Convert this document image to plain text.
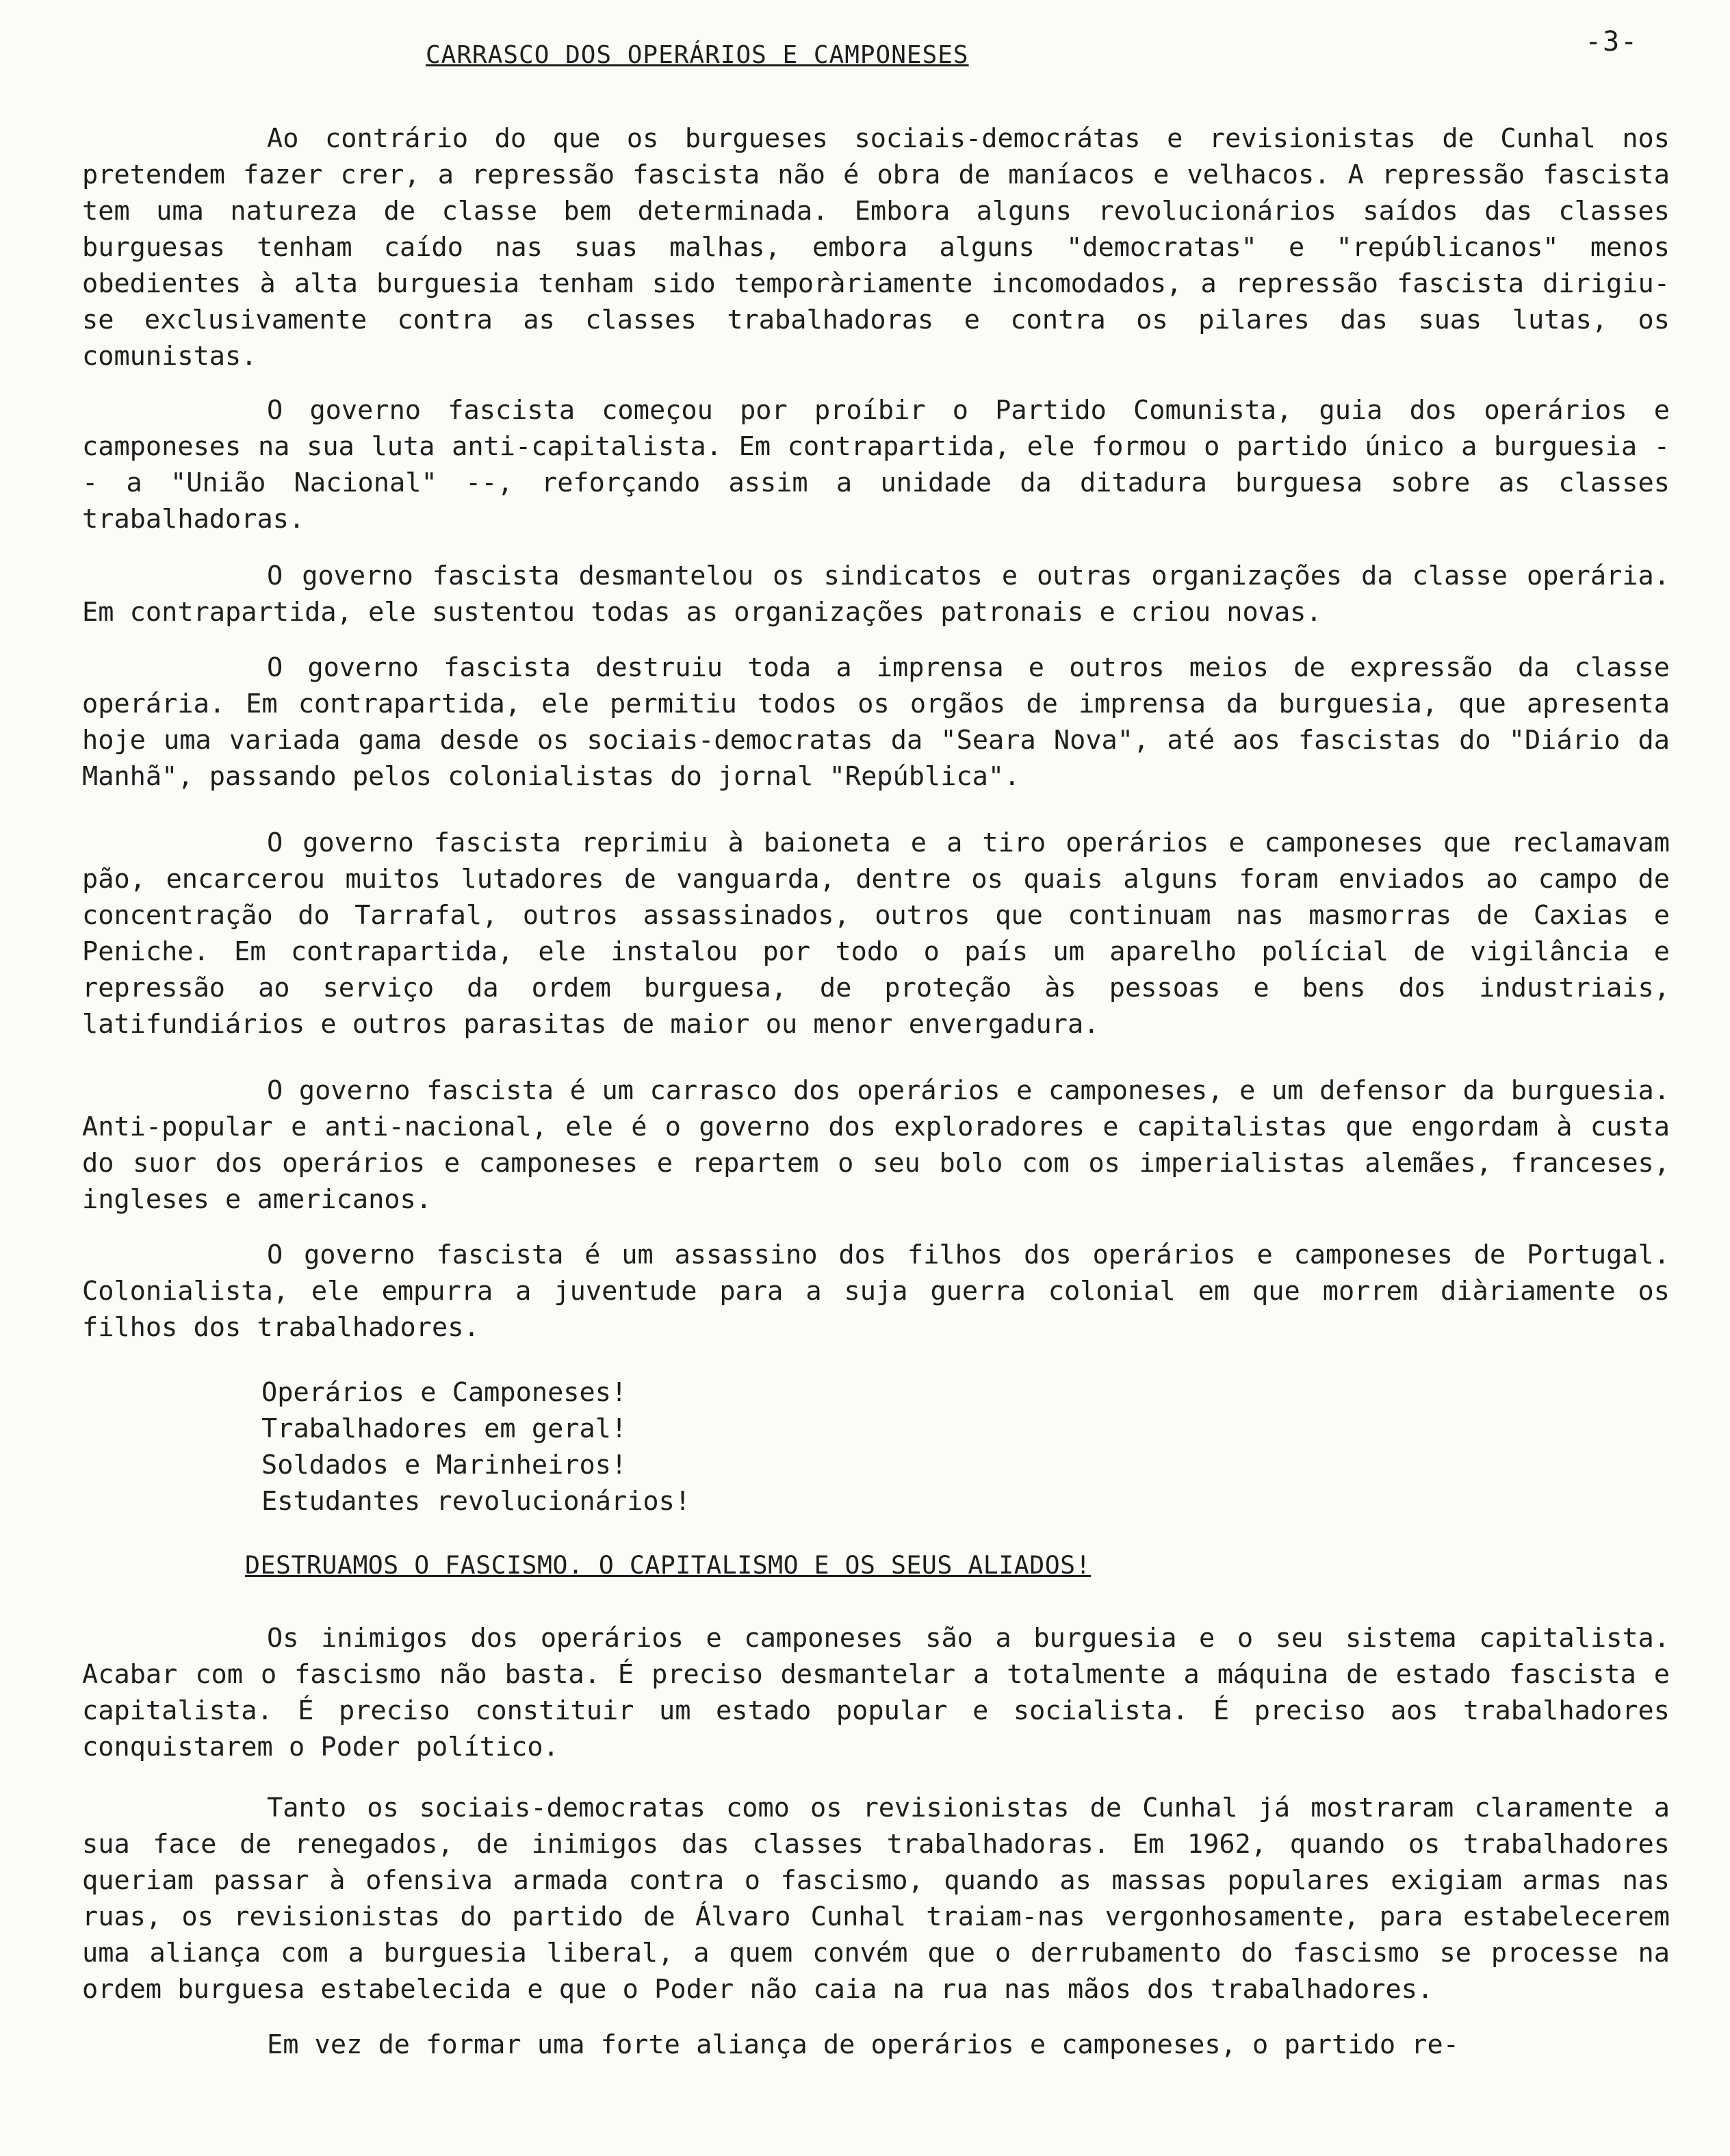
-3-
CARRASCO DOS OPERÁRIOS E CAMPONESES

Ao contrário do que os burgueses sociais-democrátas e revisionistas de Cunhal nos pretendem fazer crer, a repressão fascista não é obra de maníacos e velhacos. A repressão fascista tem uma natureza de classe bem determinada. Embora alguns revolucionários saídos das classes burguesas tenham caído nas suas malhas, embora alguns "democratas" e "repúblicanos" menos obedientes à alta burguesia tenham sido temporàriamente incomodados, a repressão fascista dirigiu-se exclusivamente contra as classes trabalhadoras e contra os pilares das suas lutas, os comunistas.

O governo fascista começou por proíbir o Partido Comunista, guia dos operários e camponeses na sua luta anti-capitalista. Em contrapartida, ele formou o partido único a burguesia -- a "União Nacional" --, reforçando assim a unidade da ditadura burguesa sobre as classes trabalhadoras.

O governo fascista desmantelou os sindicatos e outras organizações da classe operária. Em contrapartida, ele sustentou todas as organizações patronais e criou novas.

O governo fascista destruiu toda a imprensa e outros meios de expressão da classe operária. Em contrapartida, ele permitiu todos os orgãos de imprensa da burguesia, que apresenta hoje uma variada gama desde os sociais-democratas da "Seara Nova", até aos fascistas do "Diário da Manhã", passando pelos colonialistas do jornal "República".

O governo fascista reprimiu à baioneta e a tiro operários e camponeses que reclamavam pão, encarcerou muitos lutadores de vanguarda, dentre os quais alguns foram enviados ao campo de concentração do Tarrafal, outros assassinados, outros que continuam nas masmorras de Caxias e Peniche. Em contrapartida, ele instalou por todo o país um aparelho polícial de vigilância e repressão ao serviço da ordem burguesa, de proteção às pessoas e bens dos industriais, latifundiários e outros parasitas de maior ou menor envergadura.

O governo fascista é um carrasco dos operários e camponeses, e um defensor da burguesia. Anti-popular e anti-nacional, ele é o governo dos exploradores e capitalistas que engordam à custa do suor dos operários e camponeses e repartem o seu bolo com os imperialistas alemães, franceses, ingleses e americanos.

O governo fascista é um assassino dos filhos dos operários e camponeses de Portugal. Colonialista, ele empurra a juventude para a suja guerra colonial em que morrem diàriamente os filhos dos trabalhadores.

Operários e Camponeses!
Trabalhadores em geral!
Soldados e Marinheiros!
Estudantes revolucionários!
DESTRUAMOS O FASCISMO. O CAPITALISMO E OS SEUS ALIADOS!

Os inimigos dos operários e camponeses são a burguesia e o seu sistema capitalista. Acabar com o fascismo não basta. É preciso desmantelar a totalmente a máquina de estado fascista e capitalista. É preciso constituir um estado popular e socialista. É preciso aos trabalhadores conquistarem o Poder político.

Tanto os sociais-democratas como os revisionistas de Cunhal já mostraram claramente a sua face de renegados, de inimigos das classes trabalhadoras. Em 1962, quando os trabalhadores queriam passar à ofensiva armada contra o fascismo, quando as massas populares exigiam armas nas ruas, os revisionistas do partido de Álvaro Cunhal traiam-nas vergonhosamente, para estabelecerem uma aliança com a burguesia liberal, a quem convém que o derrubamento do fascismo se processe na ordem burguesa estabelecida e que o Poder não caia na rua nas mãos dos trabalhadores.

Em vez de formar uma forte aliança de operários e camponeses, o partido re-
